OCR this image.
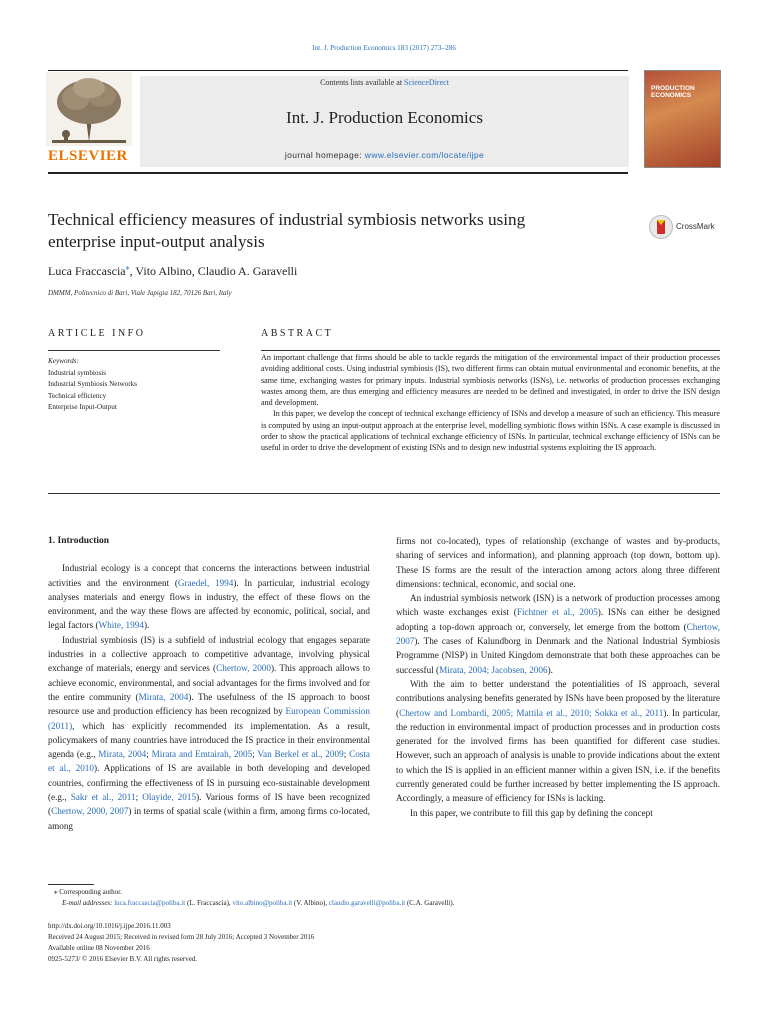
Int. J. Production Economics 183 (2017) 273–286
Contents lists available at ScienceDirect
Int. J. Production Economics
journal homepage: www.elsevier.com/locate/ijpe
ELSEVIER
PRODUCTION
ECONOMICS
Technical efficiency measures of industrial symbiosis networks using
enterprise input-output analysis
CrossMark
Luca Fraccascia⁎, Vito Albino, Claudio A. Garavelli
DMMM, Politecnico di Bari, Viale Japigia 182, 70126 Bari, Italy
ARTICLE INFO	ABSTRACT
Keywords:
Industrial symbiosis
Industrial Symbiosis Networks
Technical efficiency
Enterprise Input-Output

An important challenge that firms should be able to tackle regards the mitigation of the environmental impact of their production processes avoiding additional costs. Using industrial symbiosis (IS), two different firms can obtain mutual environmental and economic benefits, at the same time, exchanging wastes for primary inputs. Industrial symbiosis networks (ISNs), i.e. networks of production processes exchanging wastes among them, are thus emerging and efficiency measures are needed to be defined and investigated, in order to drive the ISN design and development.

In this paper, we develop the concept of technical exchange efficiency of ISNs and develop a measure of such an efficiency. This measure is computed by using an input-output approach at the enterprise level, modelling symbiotic flows within ISNs. A case example is discussed in order to show the practical applications of technical exchange efficiency of ISNs. In particular, technical exchange efficiency of ISNs can be useful in order to drive the development of existing ISNs and to design new industrial systems exploiting the IS approach.

1. Introduction

Industrial ecology is a concept that concerns the interactions between industrial activities and the environment (Graedel, 1994). In particular, industrial ecology analyses materials and energy flows in industry, the effect of these flows on the environment, and the way these flows are affected by economic, political, social, and legal factors (White, 1994).

Industrial symbiosis (IS) is a subfield of industrial ecology that engages separate industries in a collective approach to competitive advantage, involving physical exchange of materials, energy and services (Chertow, 2000). This approach allows to achieve economic, environmental, and social advantages for the firms involved and for the entire community (Mirata, 2004). The usefulness of the IS approach to boost resource use and production efficiency has been recognized by European Commission (2011), which has explicitly recommended its implementation. As a result, policymakers of many countries have introduced the IS practice in their environmental agenda (e.g., Mirata, 2004; Mirata and Emtairah, 2005; Van Berkel et al., 2009; Costa et al., 2010). Applications of IS are available in both developing and developed countries, confirming the effectiveness of IS in pursuing eco-sustainable development (e.g., Sakr et al., 2011; Olayide, 2015). Various forms of IS have been recognized (Chertow, 2000, 2007) in terms of spatial scale (within a firm, among firms co-located, among

firms not co-located), types of relationship (exchange of wastes and by-products, sharing of services and information), and planning approach (top down, bottom up). These IS forms are the result of the interaction among actors along three different dimensions: technical, economic, and social one.

An industrial symbiosis network (ISN) is a network of production processes among which waste exchanges exist (Fichtner et al., 2005). ISNs can either be designed adopting a top-down approach or, conversely, let emerge from the bottom (Chertow, 2007). The cases of Kalundborg in Denmark and the National Industrial Symbiosis Programme (NISP) in United Kingdom demonstrate that both these approaches can be successful (Mirata, 2004; Jacobsen, 2006).

With the aim to better understand the potentialities of IS approach, several contributions analysing benefits generated by ISNs have been proposed by the literature (Chertow and Lombardi, 2005; Mattila et al., 2010; Sokka et al., 2011). In particular, the reduction in environmental impact of production processes and in production costs generated for the involved firms has been quantified for different case studies. However, such an approach of analysis is unable to provide indications about the extent to which the IS is applied in an efficient manner within a given ISN, i.e. if the benefits currently generated could be further increased by better implementing the IS approach. Accordingly, a measure of efficiency for ISNs is lacking.

In this paper, we contribute to fill this gap by defining the concept

⁎ Corresponding author.
E-mail addresses: luca.fraccascia@poliba.it (L. Fraccascia), vito.albino@poliba.it (V. Albino), claudio.garavelli@poliba.it (C.A. Garavelli).
http://dx.doi.org/10.1016/j.ijpe.2016.11.003
Received 24 August 2015; Received in revised form 28 July 2016; Accepted 3 November 2016
Available online 08 November 2016
0925-5273/ © 2016 Elsevier B.V. All rights reserved.
